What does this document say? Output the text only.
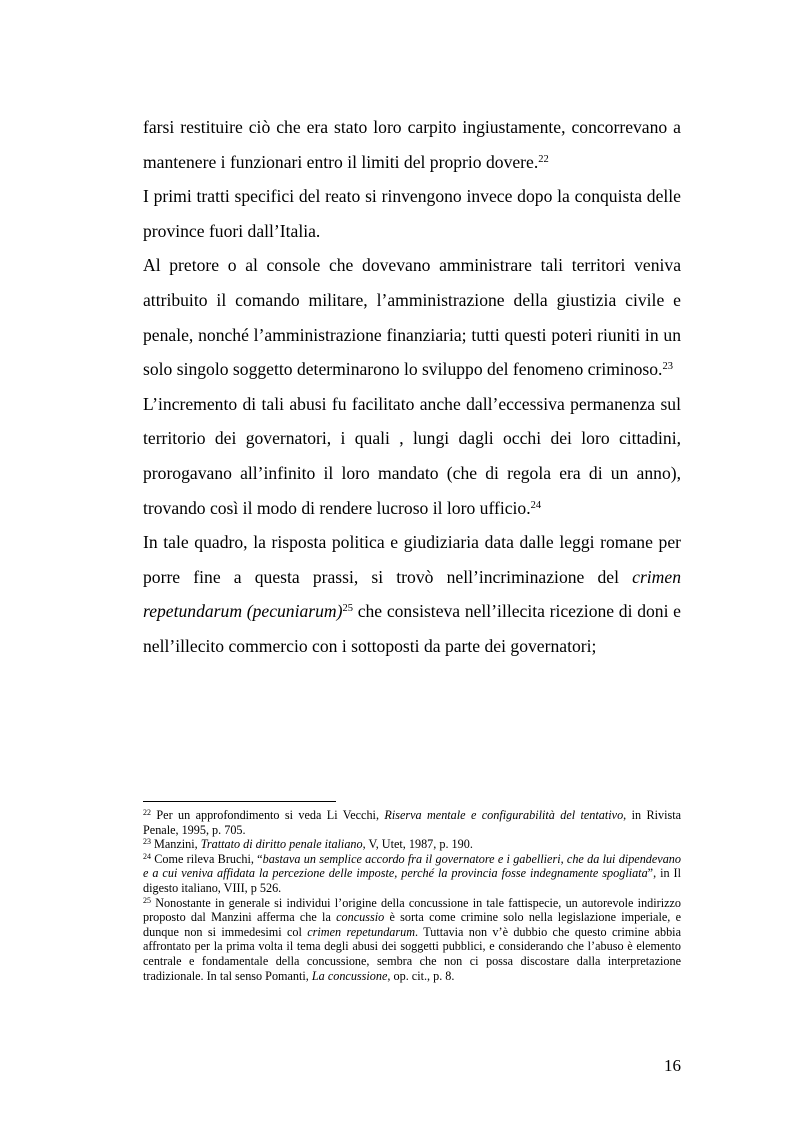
farsi restituire ciò che era stato loro carpito ingiustamente, concorrevano a mantenere i funzionari entro il limiti del proprio dovere.$^{22}$

I primi tratti specifici del reato si rinvengono invece dopo la conquista delle province fuori dall’Italia.

Al pretore o al console che dovevano amministrare tali territori veniva attribuito il comando militare, l’amministrazione della giustizia civile e penale, nonché l’amministrazione finanziaria; tutti questi poteri riuniti in un solo singolo soggetto determinarono lo sviluppo del fenomeno criminoso.$^{23}$

L’incremento di tali abusi fu facilitato anche dall’eccessiva permanenza sul territorio dei governatori, i quali , lungi dagli occhi dei loro cittadini, prorogavano all’infinito il loro mandato (che di regola era di un anno), trovando così il modo di rendere lucroso il loro ufficio.$^{24}$

In tale quadro, la risposta politica e giudiziaria data dalle leggi romane per porre fine a questa prassi, si trovò nell’incriminazione del crimen repetundarum (pecuniarum)$^{25}$ che consisteva nell’illecita ricezione di doni e nell’illecito commercio con i sottoposti da parte dei governatori;

$^{22}$ Per un approfondimento si veda Li Vecchi, Riserva mentale e configurabilità del tentativo, in Rivista Penale, 1995, p. 705.

$^{23}$ Manzini, Trattato di diritto penale italiano, V, Utet, 1987, p. 190.

$^{24}$ Come rileva Bruchi, “bastava un semplice accordo fra il governatore e i gabellieri, che da lui dipendevano e a cui veniva affidata la percezione delle imposte, perché la provincia fosse indegnamente spogliata”, in Il digesto italiano, VIII, p 526.

$^{25}$ Nonostante in generale si individui l’origine della concussione in tale fattispecie, un autorevole indirizzo proposto dal Manzini afferma che la concussio è sorta come crimine solo nella legislazione imperiale, e dunque non si immedesimi col crimen repetundarum. Tuttavia non v’è dubbio che questo crimine abbia affrontato per la prima volta il tema degli abusi dei soggetti pubblici, e considerando che l’abuso è elemento centrale e fondamentale della concussione, sembra che non ci possa discostare dalla interpretazione tradizionale. In tal senso Pomanti, La concussione, op. cit., p. 8.

16
